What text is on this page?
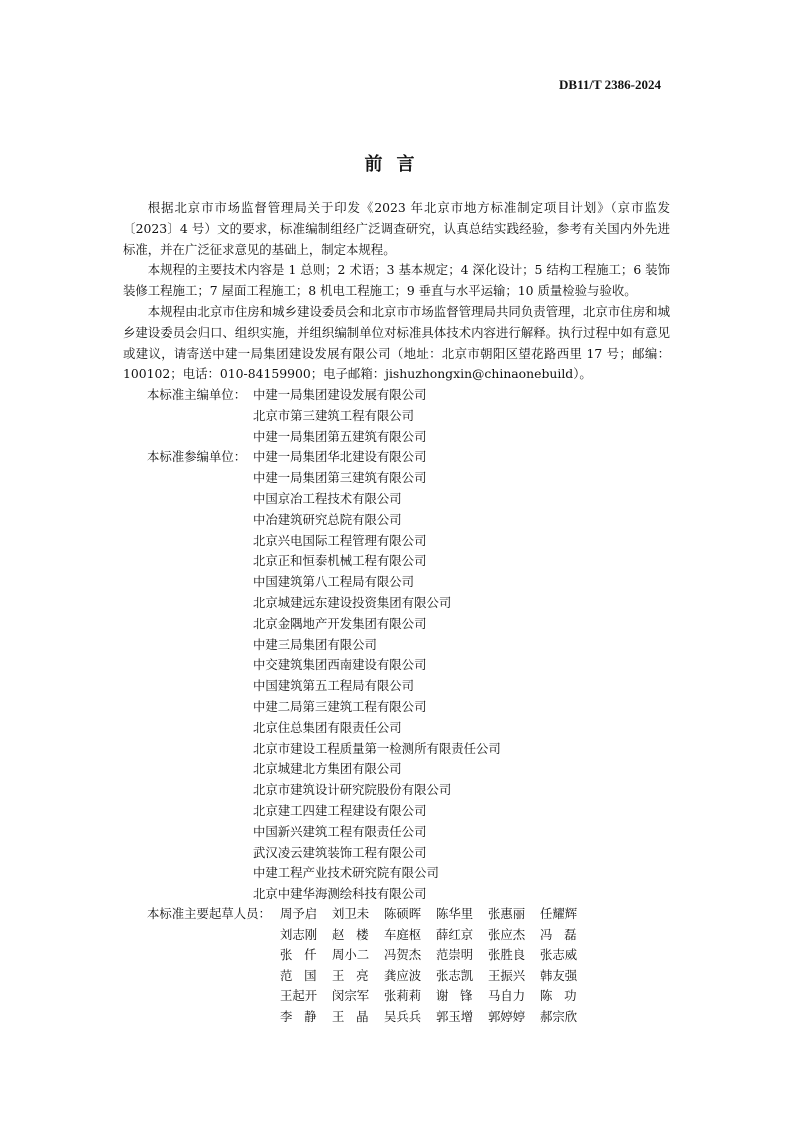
DB11/T 2386-2024
前言

根据北京市市场监督管理局关于印发《2023 年北京市地方标准制定项目计划》（京市监发〔2023〕4 号）文的要求，标准编制组经广泛调查研究，认真总结实践经验，参考有关国内外先进标准，并在广泛征求意见的基础上，制定本规程。

本规程的主要技术内容是 1 总则；2 术语；3 基本规定；4 深化设计；5 结构工程施工；6 装饰装修工程施工；7 屋面工程施工；8 机电工程施工；9 垂直与水平运输；10 质量检验与验收。

本规程由北京市住房和城乡建设委员会和北京市市场监督管理局共同负责管理，北京市住房和城乡建设委员会归口、组织实施，并组织编制单位对标准具体技术内容进行解释。执行过程中如有意见或建议，请寄送中建一局集团建设发展有限公司（地址：北京市朝阳区望花路西里 17 号；邮编：100102；电话：010-84159900；电子邮箱：jishuzhongxin@chinaonebuild）。

本标准主编单位： 中建一局集团建设发展有限公司
北京市第三建筑工程有限公司
中建一局集团第五建筑有限公司
本标准参编单位： 中建一局集团华北建设有限公司
中建一局集团第三建筑有限公司
中国京冶工程技术有限公司
中冶建筑研究总院有限公司
北京兴电国际工程管理有限公司
北京正和恒泰机械工程有限公司
中国建筑第八工程局有限公司
北京城建远东建设投资集团有限公司
北京金隅地产开发集团有限公司
中建三局集团有限公司
中交建筑集团西南建设有限公司
中国建筑第五工程局有限公司
中建二局第三建筑工程有限公司
北京住总集团有限责任公司
北京市建设工程质量第一检测所有限责任公司
北京城建北方集团有限公司
北京市建筑设计研究院股份有限公司
北京建工四建工程建设有限公司
中国新兴建筑工程有限责任公司
武汉凌云建筑装饰工程有限公司
中建工程产业技术研究院有限公司
北京中建华海测绘科技有限公司
本标准主要起草人员： 周予启 刘卫未 陈硕晖 陈华里 张惠丽 任耀辉
刘志刚 赵楼 车庭枢 薛红京 张应杰 冯磊
张仟 周小二 冯贺杰 范崇明 张胜良 张志威
范国 王亮 龚应波 张志凯 王振兴 韩友强
王起开 闵宗军 张莉莉 谢锋 马自力 陈功
李静 王晶 吴兵兵 郭玉增 郭婷婷 郝宗欣
